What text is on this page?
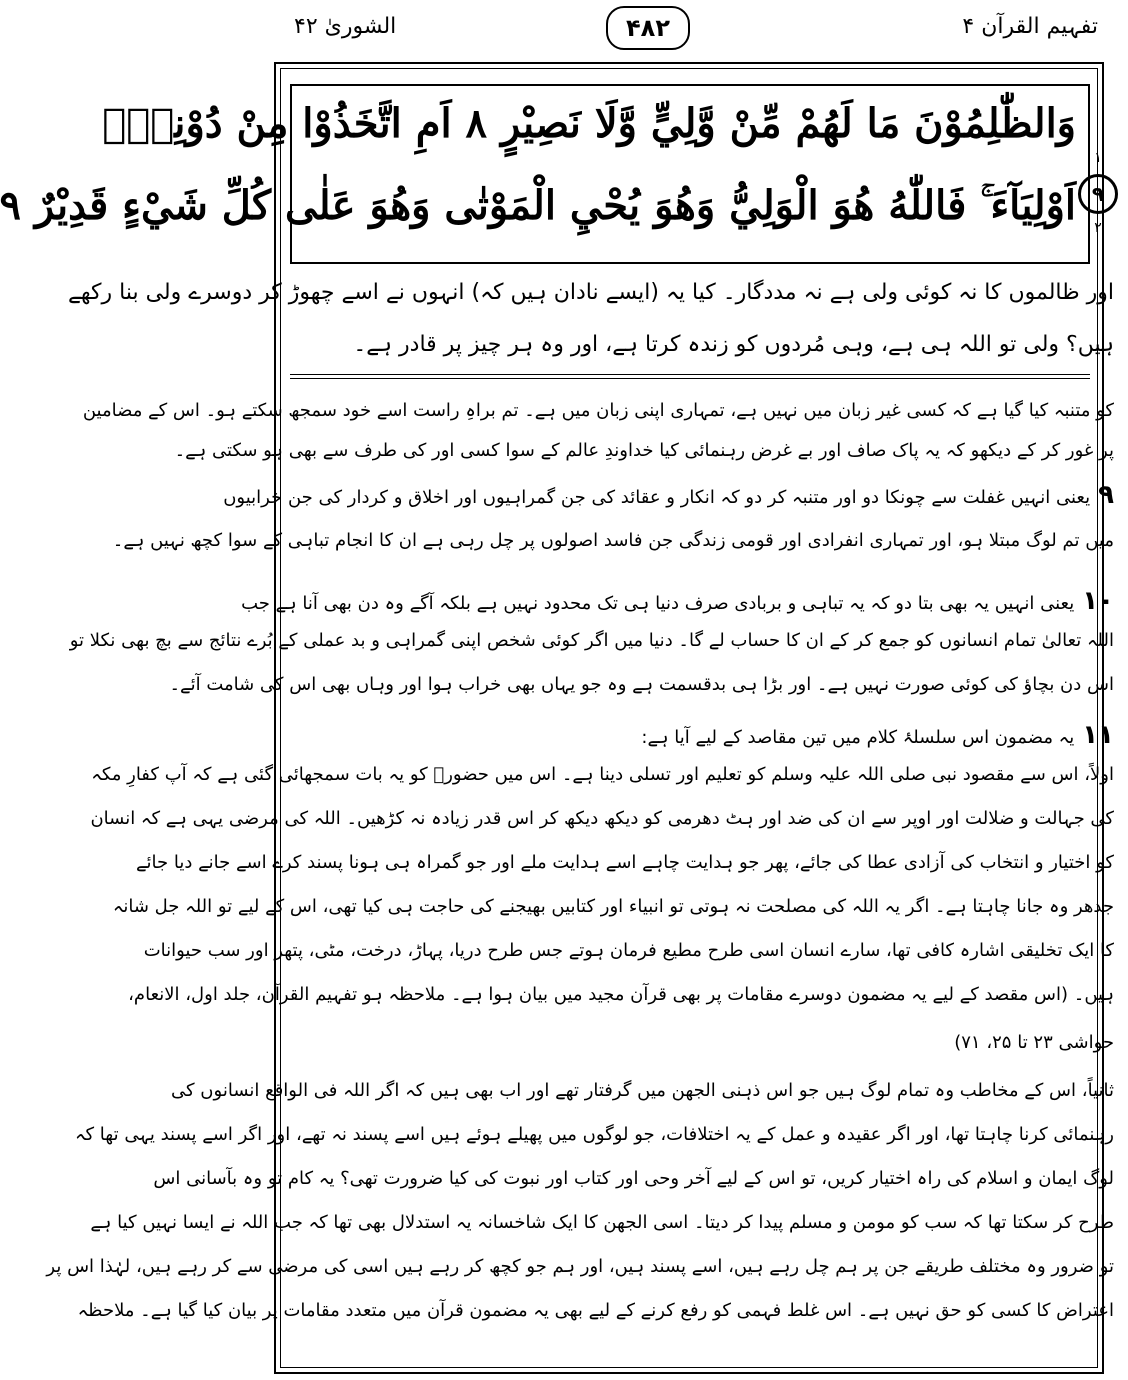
تفہیم القرآن ۴
۴۸۲
الشوریٰ ۴۲
وَالظّٰلِمُوْنَ مَا لَهُمْ مِّنْ وَّلِيٍّ وَّلَا نَصِيْرٍ ۸ اَمِ اتَّخَذُوْا مِنْ دُوْنِهٖٓ
اَوْلِيَآءَ ۚ فَاللّٰهُ هُوَ الْوَلِيُّ وَهُوَ يُحْيِ الْمَوْتٰى وَهُوَ عَلٰى كُلِّ شَيْءٍ قَدِيْرٌ ۹
۱
۹
۲
اور ظالموں کا نہ کوئی ولی ہے نہ مددگار۔ کیا یہ (ایسے نادان ہیں کہ) انہوں نے اسے چھوڑ کر دوسرے ولی بنا رکھے
ہیں؟ ولی تو اللہ ہی ہے، وہی مُردوں کو زندہ کرتا ہے، اور وہ ہر چیز پر قادر ہے۔
کو متنبہ کیا گیا ہے کہ کسی غیر زبان میں نہیں ہے، تمہاری اپنی زبان میں ہے۔ تم براہِ راست اسے خود سمجھ سکتے ہو۔ اس کے مضامین
پر غور کر کے دیکھو کہ یہ پاک صاف اور بے غرض رہنمائی کیا خداوندِ عالم کے سوا کسی اور کی طرف سے بھی ہو سکتی ہے۔
۹یعنی انہیں غفلت سے چونکا دو اور متنبہ کر دو کہ انکار و عقائد کی جن گمراہیوں اور اخلاق و کردار کی جن خرابیوں
میں تم لوگ مبتلا ہو، اور تمہاری انفرادی اور قومی زندگی جن فاسد اصولوں پر چل رہی ہے ان کا انجام تباہی کے سوا کچھ نہیں ہے۔
۱۰یعنی انہیں یہ بھی بتا دو کہ یہ تباہی و بربادی صرف دنیا ہی تک محدود نہیں ہے بلکہ آگے وہ دن بھی آنا ہے جب
اللہ تعالیٰ تمام انسانوں کو جمع کر کے ان کا حساب لے گا۔ دنیا میں اگر کوئی شخص اپنی گمراہی و بد عملی کے بُرے نتائج سے بچ بھی نکلا تو
اس دن بچاؤ کی کوئی صورت نہیں ہے۔ اور بڑا ہی بدقسمت ہے وہ جو یہاں بھی خراب ہوا اور وہاں بھی اس کی شامت آئے۔
۱۱یہ مضمون اس سلسلۂ کلام میں تین مقاصد کے لیے آیا ہے:
اولاً، اس سے مقصود نبی صلی اللہ علیہ وسلم کو تعلیم اور تسلی دینا ہے۔ اس میں حضورؐ کو یہ بات سمجھائی گئی ہے کہ آپ کفارِ مکہ
کی جہالت و ضلالت اور اوپر سے ان کی ضد اور ہٹ دھرمی کو دیکھ دیکھ کر اس قدر زیادہ نہ کڑھیں۔ اللہ کی مرضی یہی ہے کہ انسان
کو اختیار و انتخاب کی آزادی عطا کی جائے، پھر جو ہدایت چاہے اسے ہدایت ملے اور جو گمراہ ہی ہونا پسند کرے اسے جانے دیا جائے
جدھر وہ جانا چاہتا ہے۔ اگر یہ اللہ کی مصلحت نہ ہوتی تو انبیاء اور کتابیں بھیجنے کی حاجت ہی کیا تھی، اس کے لیے تو اللہ جل شانہ
کا ایک تخلیقی اشارہ کافی تھا، سارے انسان اسی طرح مطیع فرمان ہوتے جس طرح دریا، پہاڑ، درخت، مٹی، پتھر اور سب حیوانات
ہیں۔ (اس مقصد کے لیے یہ مضمون دوسرے مقامات پر بھی قرآن مجید میں بیان ہوا ہے۔ ملاحظہ ہو تفہیم القرآن، جلد اول، الانعام،
حواشی ۲۳ تا ۲۵، ۷۱)
ثانیاً، اس کے مخاطب وہ تمام لوگ ہیں جو اس ذہنی الجھن میں گرفتار تھے اور اب بھی ہیں کہ اگر اللہ فی الواقع انسانوں کی
رہنمائی کرنا چاہتا تھا، اور اگر عقیدہ و عمل کے یہ اختلافات، جو لوگوں میں پھیلے ہوئے ہیں اسے پسند نہ تھے، اور اگر اسے پسند یہی تھا کہ
لوگ ایمان و اسلام کی راہ اختیار کریں، تو اس کے لیے آخر وحی اور کتاب اور نبوت کی کیا ضرورت تھی؟ یہ کام تو وہ بآسانی اس
طرح کر سکتا تھا کہ سب کو مومن و مسلم پیدا کر دیتا۔ اسی الجھن کا ایک شاخسانہ یہ استدلال بھی تھا کہ جب اللہ نے ایسا نہیں کیا ہے
تو ضرور وہ مختلف طریقے جن پر ہم چل رہے ہیں، اسے پسند ہیں، اور ہم جو کچھ کر رہے ہیں اسی کی مرضی سے کر رہے ہیں، لہٰذا اس پر
اعتراض کا کسی کو حق نہیں ہے۔ اس غلط فہمی کو رفع کرنے کے لیے بھی یہ مضمون قرآن میں متعدد مقامات پر بیان کیا گیا ہے۔ ملاحظہ
